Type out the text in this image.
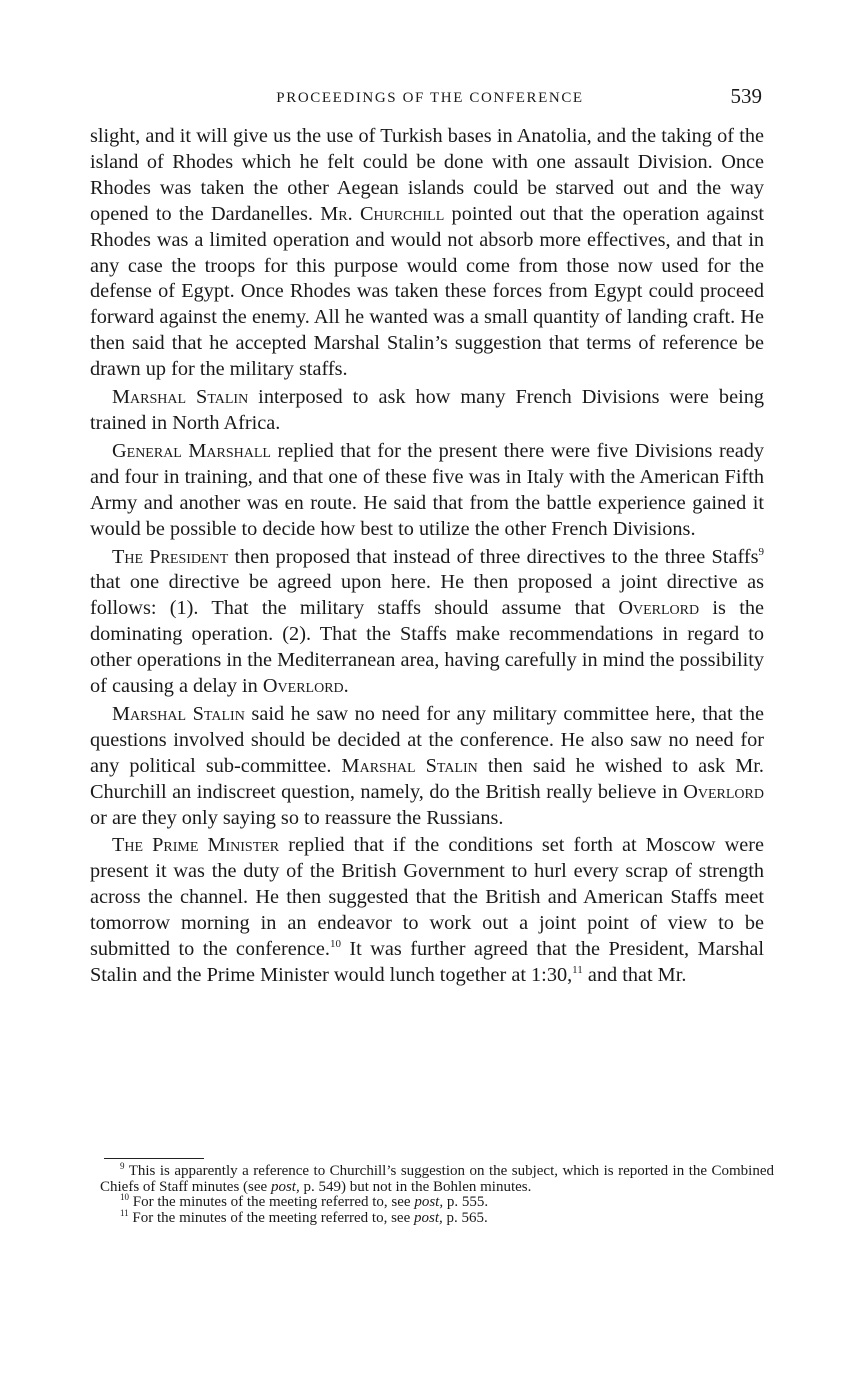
PROCEEDINGS OF THE CONFERENCE	539

slight, and it will give us the use of Turkish bases in Anatolia, and the taking of the island of Rhodes which he felt could be done with one assault Division. Once Rhodes was taken the other Aegean islands could be starved out and the way opened to the Dardanelles. Mr. Churchill pointed out that the operation against Rhodes was a limited operation and would not absorb more effectives, and that in any case the troops for this purpose would come from those now used for the defense of Egypt. Once Rhodes was taken these forces from Egypt could proceed forward against the enemy. All he wanted was a small quantity of landing craft. He then said that he accepted Marshal Stalin’s suggestion that terms of reference be drawn up for the military staffs.

Marshal Stalin interposed to ask how many French Divisions were being trained in North Africa.

General Marshall replied that for the present there were five Divisions ready and four in training, and that one of these five was in Italy with the American Fifth Army and another was en route. He said that from the battle experience gained it would be possible to decide how best to utilize the other French Divisions.

The President then proposed that instead of three directives to the three Staffs$^9$ that one directive be agreed upon here. He then proposed a joint directive as follows: (1). That the military staffs should assume that Overlord is the dominating operation. (2). That the Staffs make recommendations in regard to other operations in the Mediterranean area, having carefully in mind the possibility of causing a delay in Overlord.

Marshal Stalin said he saw no need for any military committee here, that the questions involved should be decided at the conference. He also saw no need for any political sub-committee. Marshal Stalin then said he wished to ask Mr. Churchill an indiscreet question, namely, do the British really believe in Overlord or are they only saying so to reassure the Russians.

The Prime Minister replied that if the conditions set forth at Moscow were present it was the duty of the British Government to hurl every scrap of strength across the channel. He then suggested that the British and American Staffs meet tomorrow morning in an endeavor to work out a joint point of view to be submitted to the conference.$^{10}$ It was further agreed that the President, Marshal Stalin and the Prime Minister would lunch together at 1:30,11 and that Mr.

$^9$ This is apparently a reference to Churchill’s suggestion on the subject, which is reported in the Combined Chiefs of Staff minutes (see post, p. 549) but not in the Bohlen minutes.

$^{10}$ For the minutes of the meeting referred to, see post, p. 555.

$^{11}$ For the minutes of the meeting referred to, see post, p. 565.
